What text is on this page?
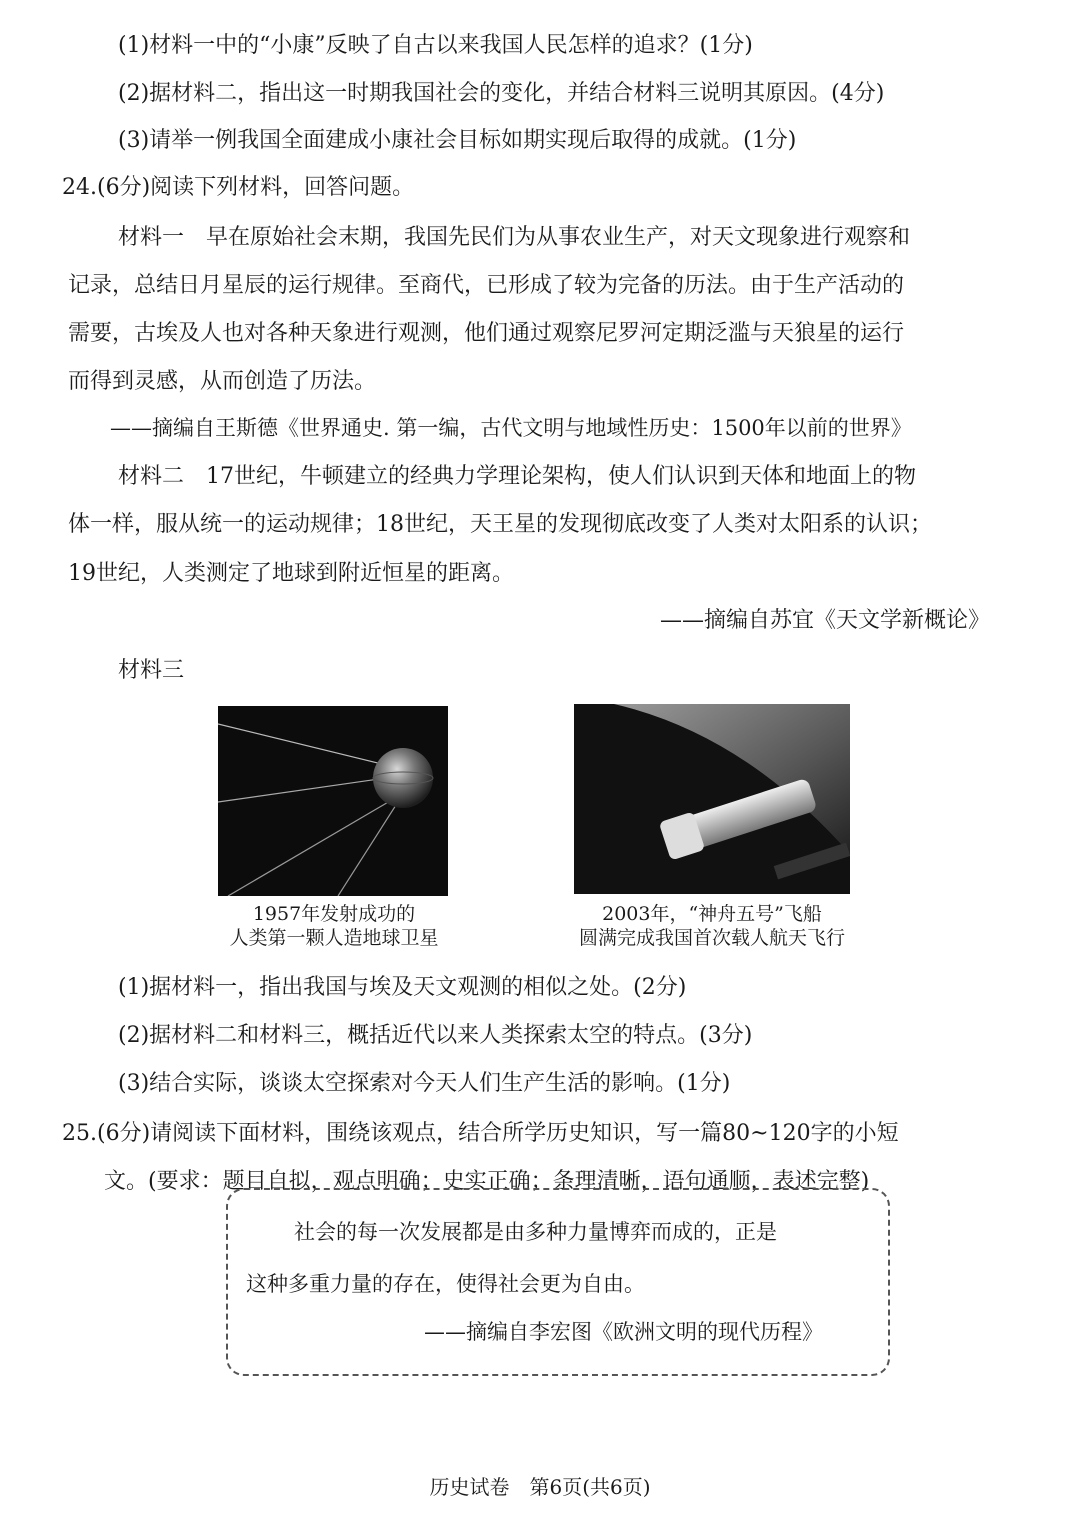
(1)材料一中的“小康”反映了自古以来我国人民怎样的追求？(1分)
(2)据材料二，指出这一时期我国社会的变化，并结合材料三说明其原因。(4分)
(3)请举一例我国全面建成小康社会目标如期实现后取得的成就。(1分)
24.(6分)阅读下列材料，回答问题。
材料一　早在原始社会末期，我国先民们为从事农业生产，对天文现象进行观察和
记录，总结日月星辰的运行规律。至商代，已形成了较为完备的历法。由于生产活动的
需要，古埃及人也对各种天象进行观测，他们通过观察尼罗河定期泛滥与天狼星的运行
而得到灵感，从而创造了历法。
——摘编自王斯德《世界通史. 第一编，古代文明与地域性历史：1500年以前的世界》
材料二　17世纪，牛顿建立的经典力学理论架构，使人们认识到天体和地面上的物
体一样，服从统一的运动规律；18世纪，天王星的发现彻底改变了人类对太阳系的认识；
19世纪，人类测定了地球到附近恒星的距离。
——摘编自苏宜《天文学新概论》
材料三
1957年发射成功的
人类第一颗人造地球卫星
2003年，“神舟五号”飞船
圆满完成我国首次载人航天飞行
(1)据材料一，指出我国与埃及天文观测的相似之处。(2分)
(2)据材料二和材料三，概括近代以来人类探索太空的特点。(3分)
(3)结合实际，谈谈太空探索对今天人们生产生活的影响。(1分)
25.(6分)请阅读下面材料，围绕该观点，结合所学历史知识，写一篇80~120字的小短
文。(要求：题目自拟，观点明确；史实正确；条理清晰，语句通顺，表述完整)
社会的每一次发展都是由多种力量博弈而成的，正是
这种多重力量的存在，使得社会更为自由。
——摘编自李宏图《欧洲文明的现代历程》
历史试卷　第6页(共6页)
